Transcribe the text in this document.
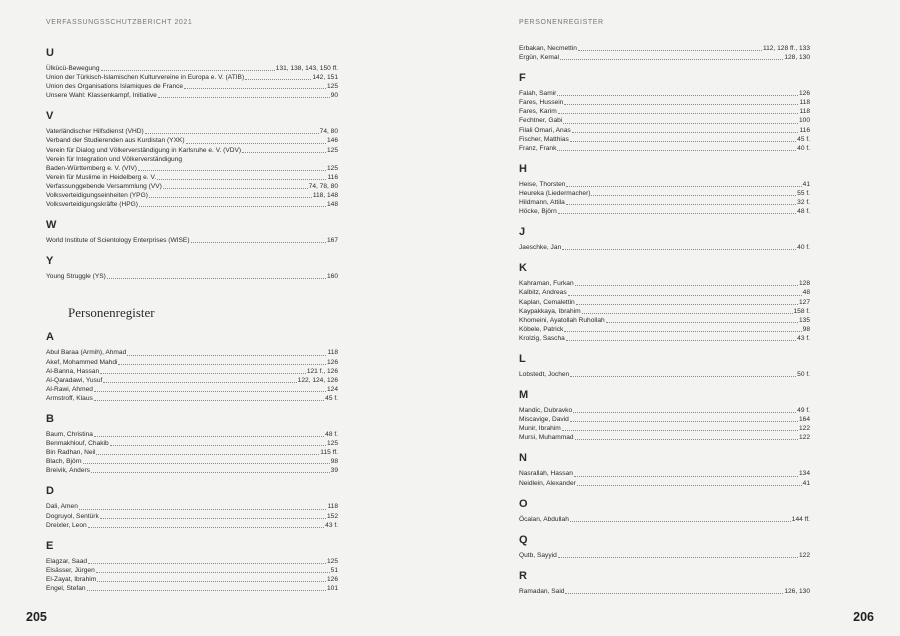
VERFASSUNGSSCHUTZBERICHT 2021
U
Ülkücü-Bewegung	131, 138, 143, 150 ff.
Union der Türkisch-Islamischen Kulturvereine in Europa e. V. (ATIB)	142, 151
Union des Organisations Islamiques de France	125
Unsere Wahl: Klassenkampf, Initiative	90
V
Vaterländischer Hilfsdienst (VHD)	74, 80
Verband der Studierenden aus Kurdistan (YXK)	146
Verein für Dialog und Völkerverständigung in Karlsruhe e. V. (VDV)	125
Verein für Integration und Völkerverständigung
Baden-Württemberg e. V. (VIV)	125
Verein für Muslime in Heidelberg e. V.	116
Verfassunggebende Versammlung (VV)	74, 78, 80
Volksverteidigungseinheiten (YPG)	118, 148
Volksverteidigungskräfte (HPG)	148
W
World Institute of Scientology Enterprises (WISE)	167
Y
Young Struggle (YS)	160
Personenregister
A
Abul Baraa (Armih), Ahmad	118
Akef, Mohammed Mahdi	126
Al-Banna, Hassan	121 f., 126
Al-Qaradawi, Yusuf	122, 124, 126
Al-Rawi, Ahmed	124
Armstroff, Klaus	45 f.
B
Baum, Christina	48 f.
Benmakhlouf, Chakib	125
Bin Radhan, Neil	115 ff.
Blach, Björn	98
Breivik, Anders	39
D
Dali, Amen	118
Dogruyol, Sentürk	152
Dreixler, Leon	43 f.
E
Elagzar, Saad	125
Elsässer, Jürgen	51
El-Zayat, Ibrahim	126
Engel, Stefan	101
205
PERSONENREGISTER
Erbakan, Necmettin	112, 128 ff., 133
Ergün, Kemal	128, 130
F
Falah, Samir	126
Fares, Hussein	118
Fares, Karim	118
Fechtner, Gabi	100
Filali Omari, Anas	116
Fischer, Matthias	45 f.
Franz, Frank	40 f.
H
Heise, Thorsten	41
Heureka (Liedermacher)	55 f.
Hildmann, Attila	32 f.
Höcke, Björn	48 f.
J
Jaeschke, Jan	40 f.
K
Kahraman, Furkan	128
Kalbitz, Andreas	48
Kaplan, Cemalettin	127
Kaypakkaya, Ibrahim	158 f.
Khomeini, Ayatollah Ruhollah	135
Köbele, Patrick	98
Krolzig, Sascha	43 f.
L
Lobstedt, Jochen	50 f.
M
Mandic, Dubravko	49 f.
Miscavige, David	164
Munir, Ibrahim	122
Mursi, Muhammad	122
N
Nasrallah, Hassan	134
Neidlein, Alexander	41
O
Öcalan, Abdullah	144 ff.
Q
Qutb, Sayyid	122
R
Ramadan, Said	126, 130
206
